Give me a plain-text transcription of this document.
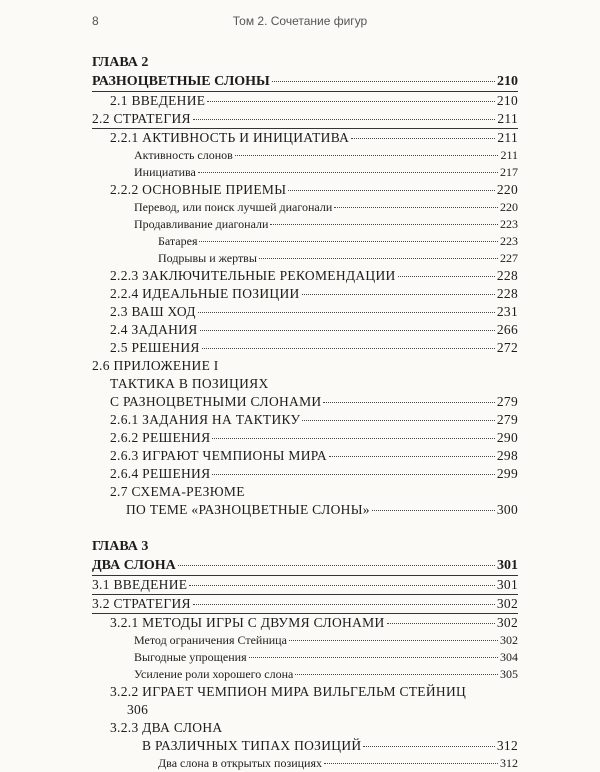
8	Том 2. Сочетание фигур
ГЛАВА 2
РАЗНОЦВЕТНЫЕ СЛОНЫ	210
2.1 ВВЕДЕНИЕ	210
2.2 СТРАТЕГИЯ	211
2.2.1 АКТИВНОСТЬ И ИНИЦИАТИВА	211
Активность слонов	211
Инициатива	217
2.2.2 ОСНОВНЫЕ ПРИЕМЫ	220
Перевод, или поиск лучшей диагонали	220
Продавливание диагонали	223
Батарея	223
Подрывы и жертвы	227
2.2.3 ЗАКЛЮЧИТЕЛЬНЫЕ РЕКОМЕНДАЦИИ	228
2.2.4 ИДЕАЛЬНЫЕ ПОЗИЦИИ	228
2.3 ВАШ ХОД	231
2.4 ЗАДАНИЯ	266
2.5 РЕШЕНИЯ	272
2.6 ПРИЛОЖЕНИЕ I
ТАКТИКА В ПОЗИЦИЯХ
С РАЗНОЦВЕТНЫМИ СЛОНАМИ	279
2.6.1 ЗАДАНИЯ НА ТАКТИКУ	279
2.6.2 РЕШЕНИЯ	290
2.6.3 ИГРАЮТ ЧЕМПИОНЫ МИРА	298
2.6.4 РЕШЕНИЯ	299
2.7 СХЕМА-РЕЗЮМЕ
ПО ТЕМЕ «РАЗНОЦВЕТНЫЕ СЛОНЫ»	300
ГЛАВА 3
ДВА СЛОНА	301
3.1 ВВЕДЕНИЕ	301
3.2 СТРАТЕГИЯ	302
3.2.1 МЕТОДЫ ИГРЫ С ДВУМЯ СЛОНАМИ	302
Метод ограничения Стейница	302
Выгодные упрощения	304
Усиление роли хорошего слона	305
3.2.2 ИГРАЕТ ЧЕМПИОН МИРА ВИЛЬГЕЛЬМ СТЕЙНИЦ
306
3.2.3 ДВА СЛОНА
В РАЗЛИЧНЫХ ТИПАХ ПОЗИЦИЙ	312
Два слона в открытых позициях	312
